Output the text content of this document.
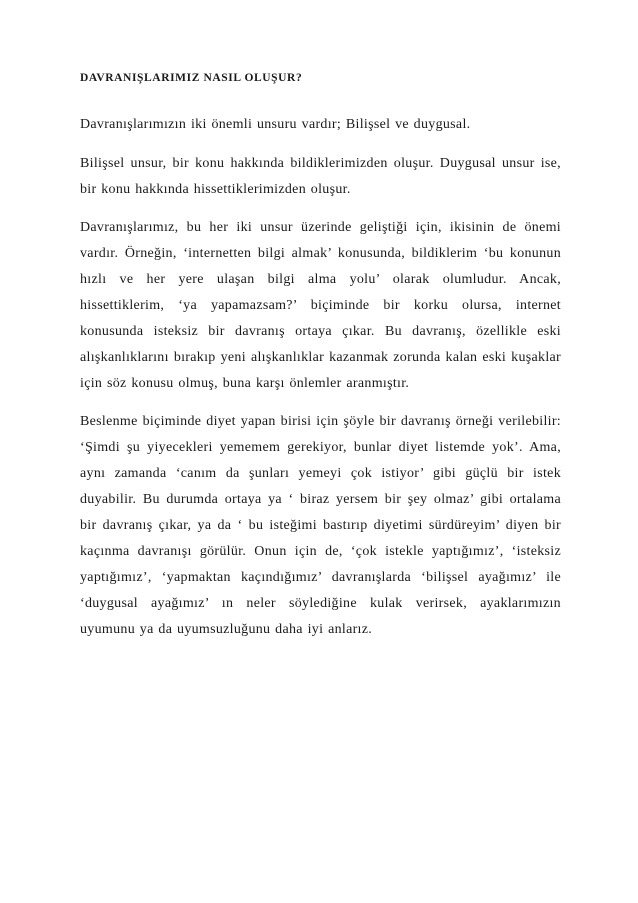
DAVRANIŞLARIMIZ NASIL OLUŞUR?

Davranışlarımızın iki önemli unsuru vardır; Bilişsel ve duygusal.

Bilişsel unsur, bir konu hakkında bildiklerimizden oluşur. Duygusal unsur ise, bir konu hakkında hissettiklerimizden oluşur.

Davranışlarımız, bu her iki unsur üzerinde geliştiği için, ikisinin de önemi vardır. Örneğin, ‘internetten bilgi almak’ konusunda, bildiklerim ‘bu konunun hızlı ve her yere ulaşan bilgi alma yolu’ olarak olumludur. Ancak, hissettiklerim, ‘ya yapamazsam?’ biçiminde bir korku olursa, internet konusunda isteksiz bir davranış ortaya çıkar. Bu davranış, özellikle eski alışkanlıklarını bırakıp yeni alışkanlıklar kazanmak zorunda kalan eski kuşaklar için söz konusu olmuş, buna karşı önlemler aranmıştır.

Beslenme biçiminde diyet yapan birisi için şöyle bir davranış örneği verilebilir: ‘Şimdi şu yiyecekleri yememem gerekiyor, bunlar diyet listemde yok’. Ama, aynı zamanda ‘canım da şunları yemeyi çok istiyor’ gibi güçlü bir istek duyabilir. Bu durumda ortaya ya ‘ biraz yersem bir şey olmaz’ gibi ortalama bir davranış çıkar, ya da ‘ bu isteğimi bastırıp diyetimi sürdüreyim’ diyen bir kaçınma davranışı görülür. Onun için de, ‘çok istekle yaptığımız’, ‘isteksiz yaptığımız’, ‘yapmaktan kaçındığımız’ davranışlarda ‘bilişsel ayağımız’ ile ‘duygusal ayağımız’ ın neler söylediğine kulak verirsek, ayaklarımızın uyumunu ya da uyumsuzluğunu daha iyi anlarız.
